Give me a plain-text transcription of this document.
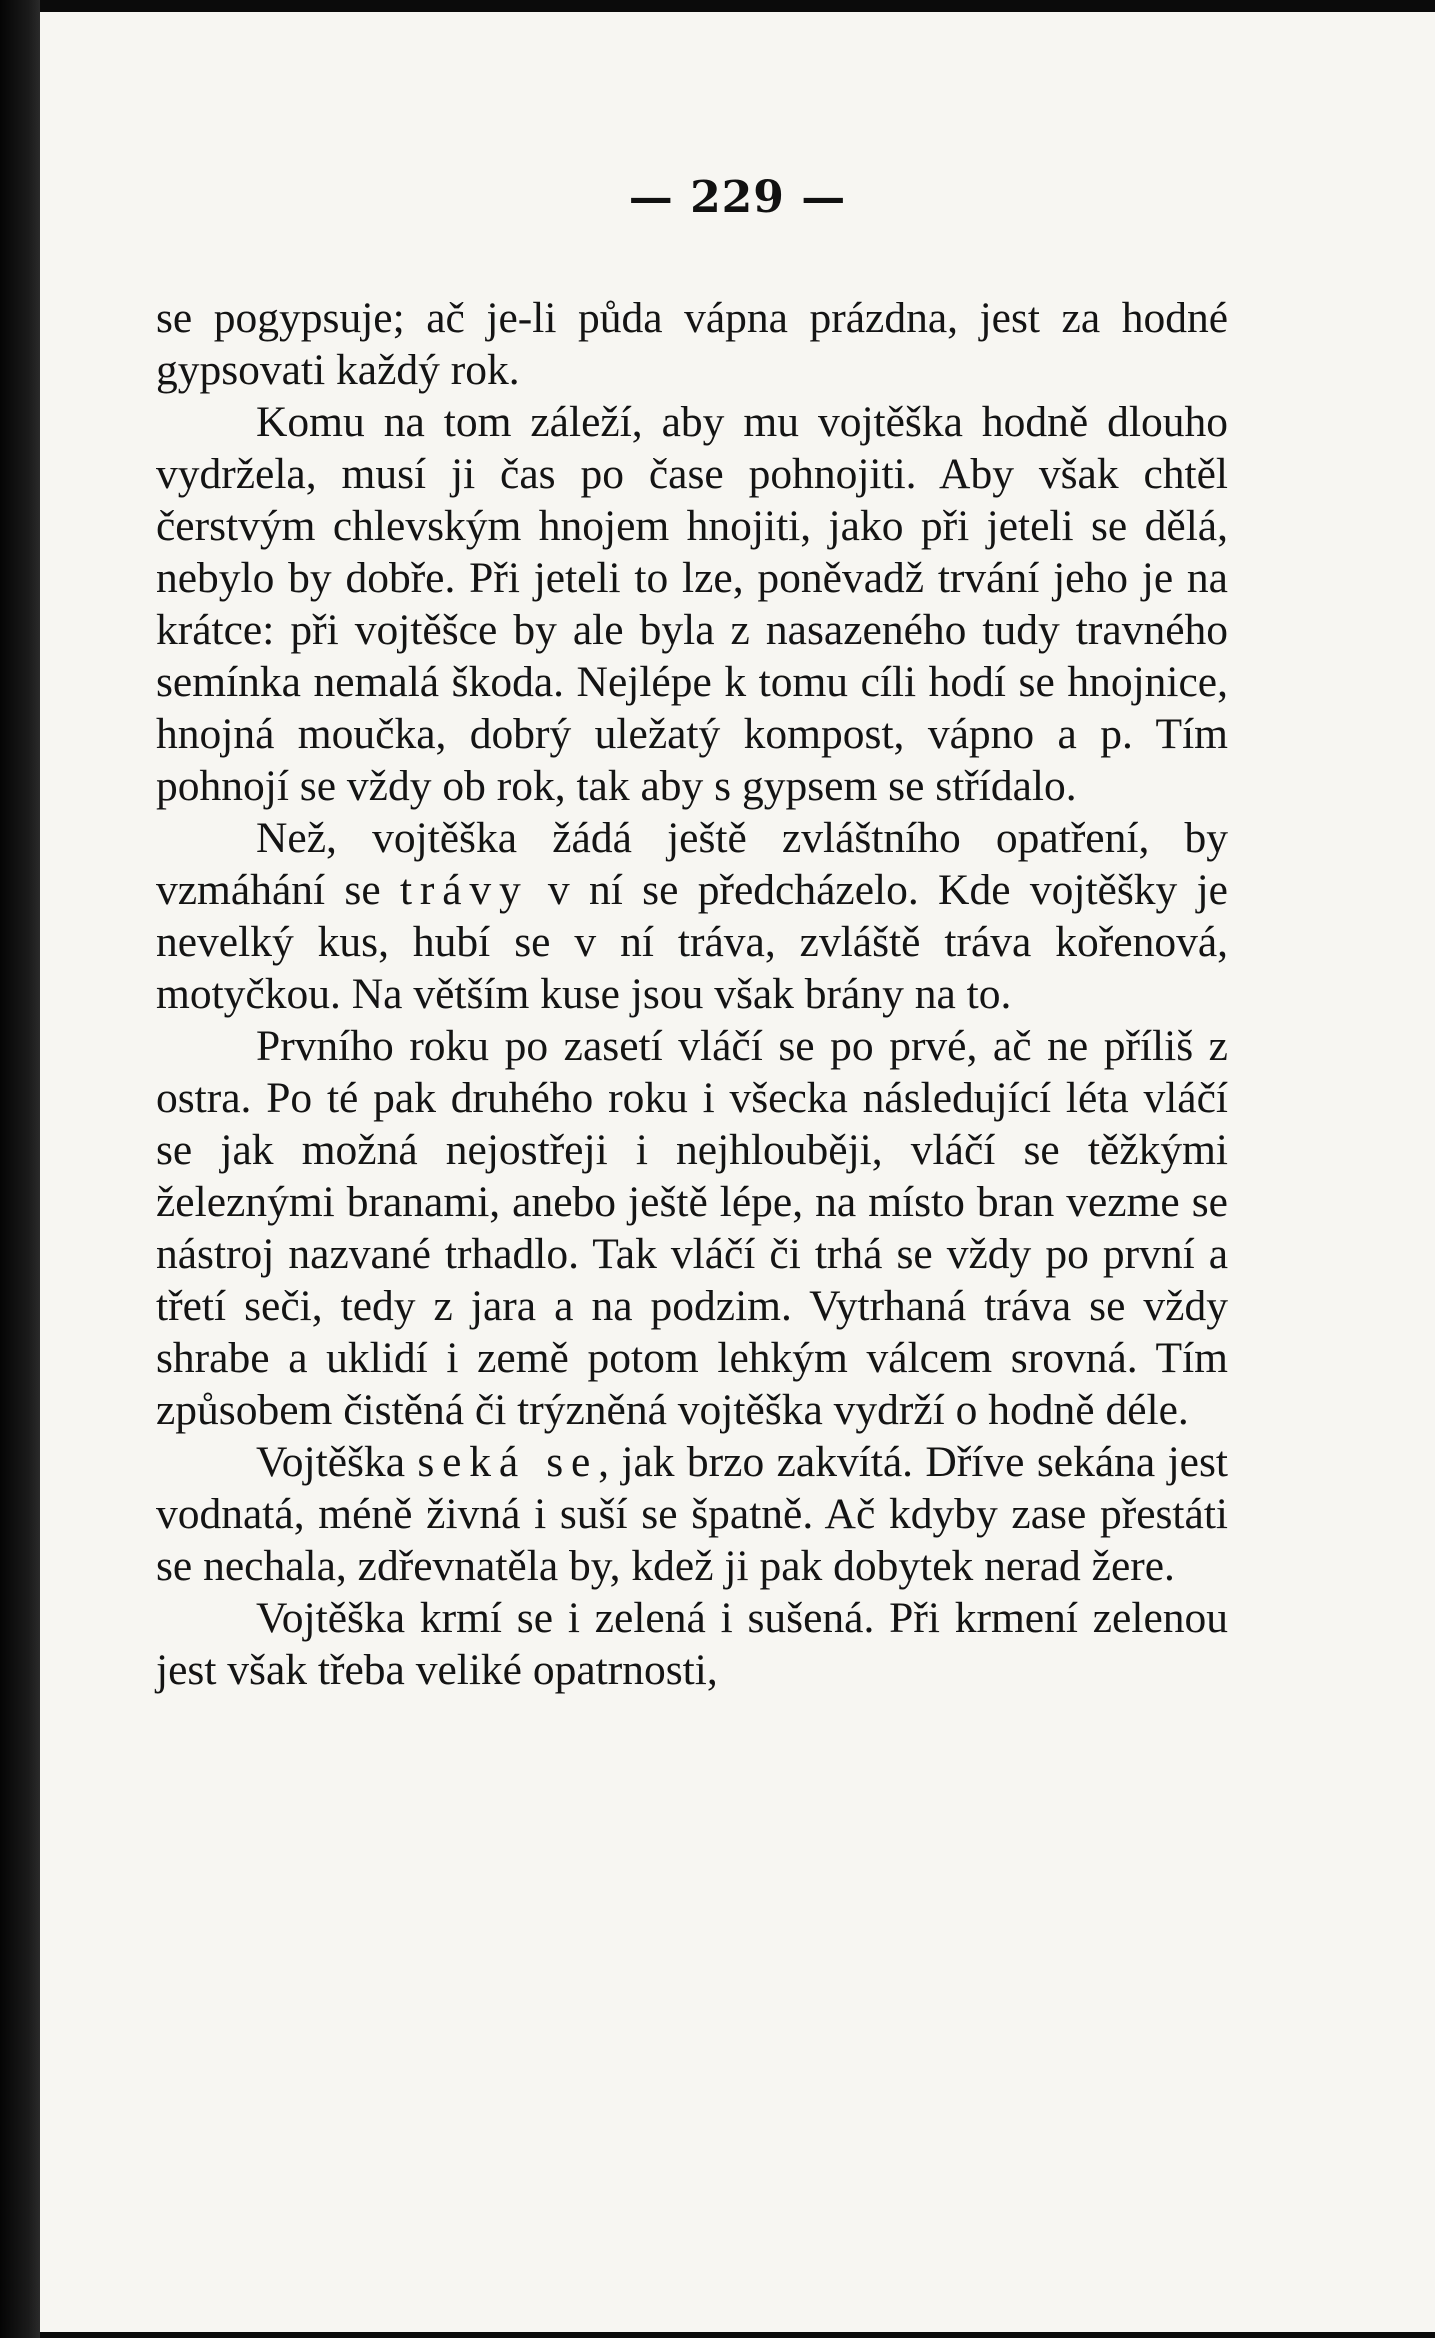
— 229 —

se pogypsuje; ač je-li půda vápna prázdna, jest za hodné gypsovati každý rok.

Komu na tom záleží, aby mu vojtěška hodně dlouho vydržela, musí ji čas po čase pohnojiti. Aby však chtěl čerstvým chlevským hnojem hnojiti, jako při jeteli se dělá, nebylo by dobře. Při jeteli to lze, poněvadž trvání jeho je na krátce: při vojtěšce by ale byla z nasazeného tudy travného semínka nemalá škoda. Nejlépe k tomu cíli hodí se hnojnice, hnojná moučka, dobrý uležatý kompost, vápno a p. Tím pohnojí se vždy ob rok, tak aby s gypsem se střídalo.

Než, vojtěška žádá ještě zvláštního opatření, by vzmáhání se trávy v ní se předcházelo. Kde vojtěšky je nevelký kus, hubí se v ní tráva, zvláště tráva kořenová, motyčkou. Na větším kuse jsou však brány na to.

Prvního roku po zasetí vláčí se po prvé, ač ne příliš z ostra. Po té pak druhého roku i všecka následující léta vláčí se jak možná nejostřeji i nejhlouběji, vláčí se těžkými železnými branami, anebo ještě lépe, na místo bran vezme se nástroj nazvané trhadlo. Tak vláčí či trhá se vždy po první a třetí seči, tedy z jara a na podzim. Vytrhaná tráva se vždy shrabe a uklidí i země potom lehkým válcem srovná. Tím způsobem čistěná či trýzněná vojtěška vydrží o hodně déle.

Vojtěška seká se, jak brzo zakvítá. Dříve sekána jest vodnatá, méně živná i suší se špatně. Ač kdyby zase přestáti se nechala, zdřevnatěla by, kdež ji pak dobytek nerad žere.

Vojtěška krmí se i zelená i sušená. Při krmení zelenou jest však třeba veliké opatrnosti,
